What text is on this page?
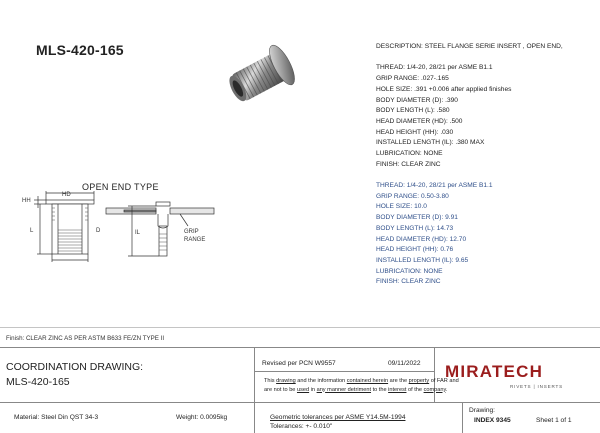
MLS-420-165	DESCRIPTION: STEEL FLANGE SERIE INSERT , OPEN END,
THREAD: 1/4-20, 28/21 per ASME B1.1
GRIP RANGE: .027-.165
HOLE SIZE: .391 +0.006 after applied finishes
BODY DIAMETER (D): .390
BODY LENGTH (L): .580
HEAD DIAMETER (HD): .500
HEAD HEIGHT (HH): .030
INSTALLED LENGTH (IL): .380 MAX
LUBRICATION: NONE
FINISH: CLEAR ZINC
THREAD: 1/4-20, 28/21 per ASME B1.1
GRIP RANGE: 0.50-3.80
HOLE SIZE: 10.0
BODY DIAMETER (D): 9.91
BODY LENGTH (L): 14.73
HEAD DIAMETER (HD): 12.70
HEAD HEIGHT (HH): 0.76
INSTALLED LENGTH (IL): 9.65
LUBRICATION: NONE
FINISH: CLEAR ZINC
OPEN END TYPE
HH
HD
L	D	IL	GRIP
RANGE
Finish: CLEAR ZINC AS PER ASTM B633 FE/ZN TYPE II
COORDINATION DRAWING:
MLS-420-165
Revised per PCN W9557	09/11/2022
This drawing and the information contained herein are the property of FAR and are not to be used in any manner detriment to the interest of the company.
MIRATECH
RIVETS | INSERTS
Material: Steel Din QST 34-3	Weight: 0.0095kg	Geometric tolerances per ASME Y14.5M-1994
Tolerances: +- 0.010"
Drawing:
INDEX 9345	Sheet 1 of 1
